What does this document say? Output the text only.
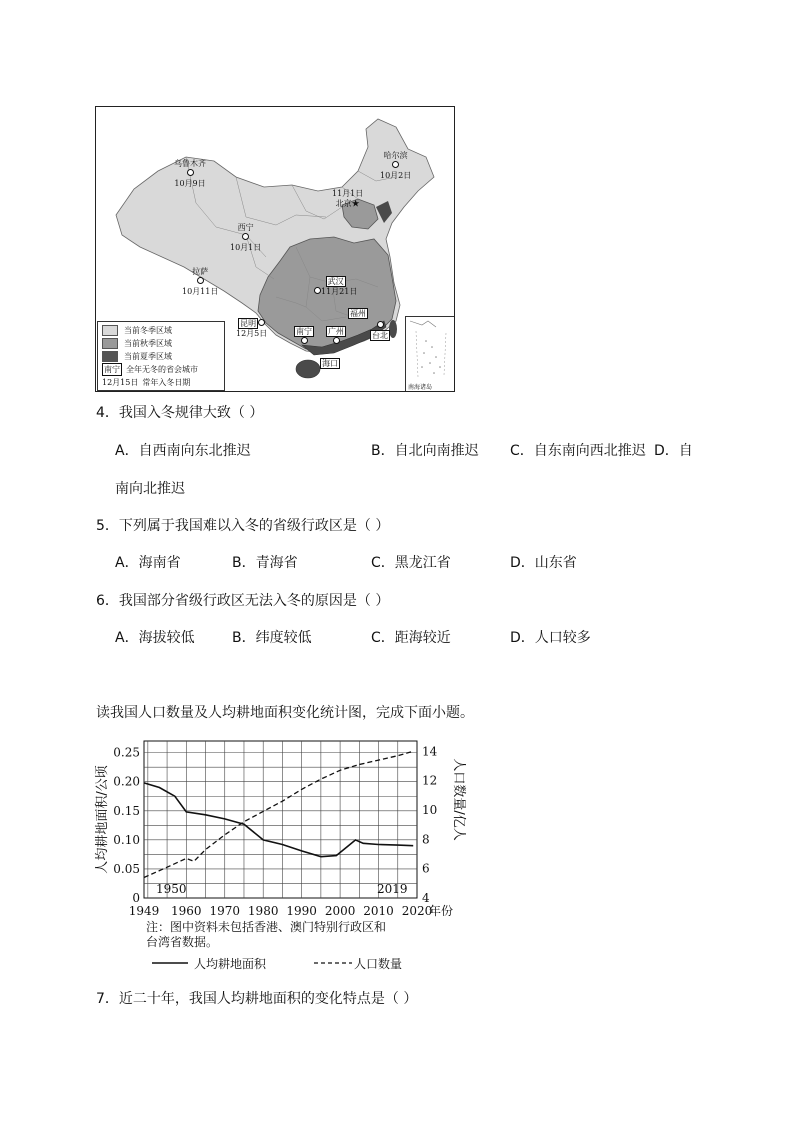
乌鲁木齐
10月9日
哈尔滨
10月2日
11月1日
北京★
西宁
10月1日
拉萨
10月11日
武汉
11月21日
昆明
12月5日	南宁 广州
福州
台北
海口
当前冬季区域
当前秋季区域
当前夏季区域
南宁 全年无冬的省会城市
12月15日 常年入冬日期
南海诸岛
4．我国入冬规律大致（ ）
A．自西南向东北推迟	B．自北向南推迟 C．自东南向西北推迟 D．自
南向北推迟
5．下列属于我国难以入冬的省级行政区是（ ）
A．海南省	B．青海省	C．黑龙江省	D．山东省
6．我国部分省级行政区无法入冬的原因是（ ）
A．海拔较低	B．纬度较低	C．距海较近	D．人口较多
读我国人口数量及人均耕地面积变化统计图，完成下面小题。
1949 1960 1970 1980 1990 2000 2010 2020
年份
0
0.05
0.10
0.15
0.20
0.25
4
6
8
10
12
14
人均耕地面积/公顷	人口数量/亿人
1950	2019
注：图中资料未包括香港、澳门特别行政区和
台湾省数据。
人均耕地面积	人口数量
7．近二十年，我国人均耕地面积的变化特点是（ ）
